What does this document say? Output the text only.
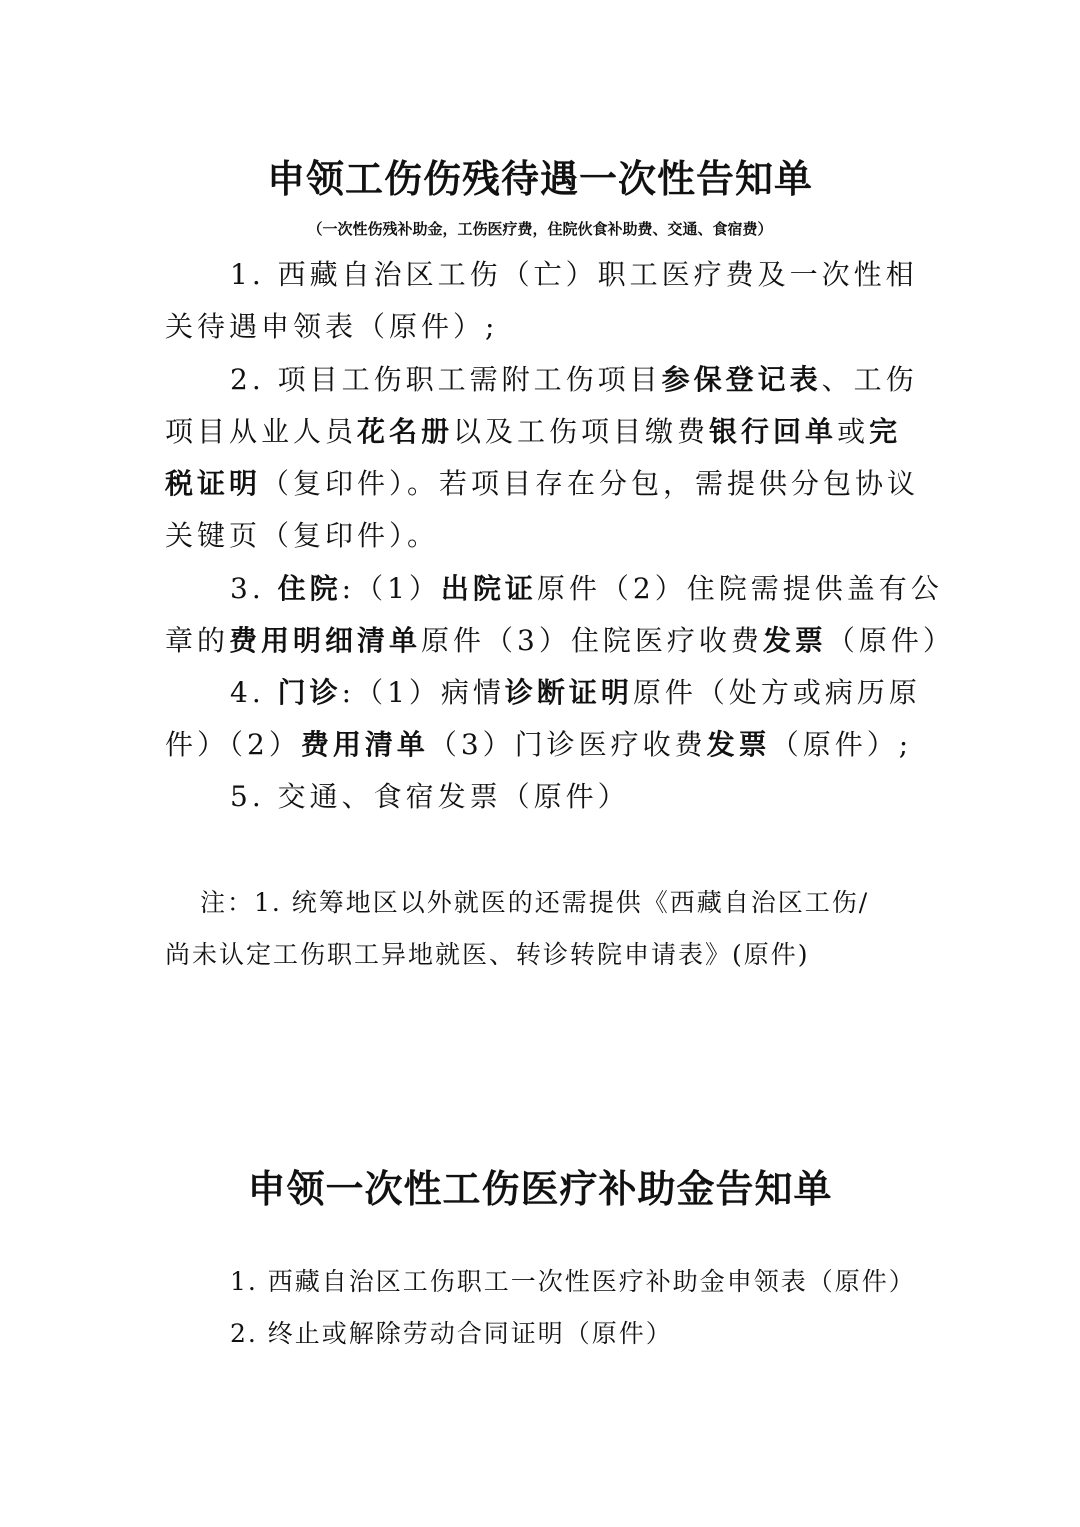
申领工伤伤残待遇一次性告知单
（一次性伤残补助金，工伤医疗费，住院伙食补助费、交通、食宿费）
1. 西藏自治区工伤（亡）职工医疗费及一次性相
关待遇申领表（原件）;
2. 项目工伤职工需附工伤项目参保登记表、工伤
项目从业人员花名册以及工伤项目缴费银行回单或完
税证明（复印件）。若项目存在分包，需提供分包协议
关键页（复印件）。
3. 住院:（1）出院证原件（2）住院需提供盖有公
章的费用明细清单原件（3）住院医疗收费发票（原件）
4. 门诊:（1）病情诊断证明原件（处方或病历原
件）（2）费用清单（3）门诊医疗收费发票（原件）;
5. 交通、食宿发票（原件）
注：1. 统筹地区以外就医的还需提供《西藏自治区工伤/
尚未认定工伤职工异地就医、转诊转院申请表》(原件)
申领一次性工伤医疗补助金告知单
1. 西藏自治区工伤职工一次性医疗补助金申领表（原件）
2. 终止或解除劳动合同证明（原件）
